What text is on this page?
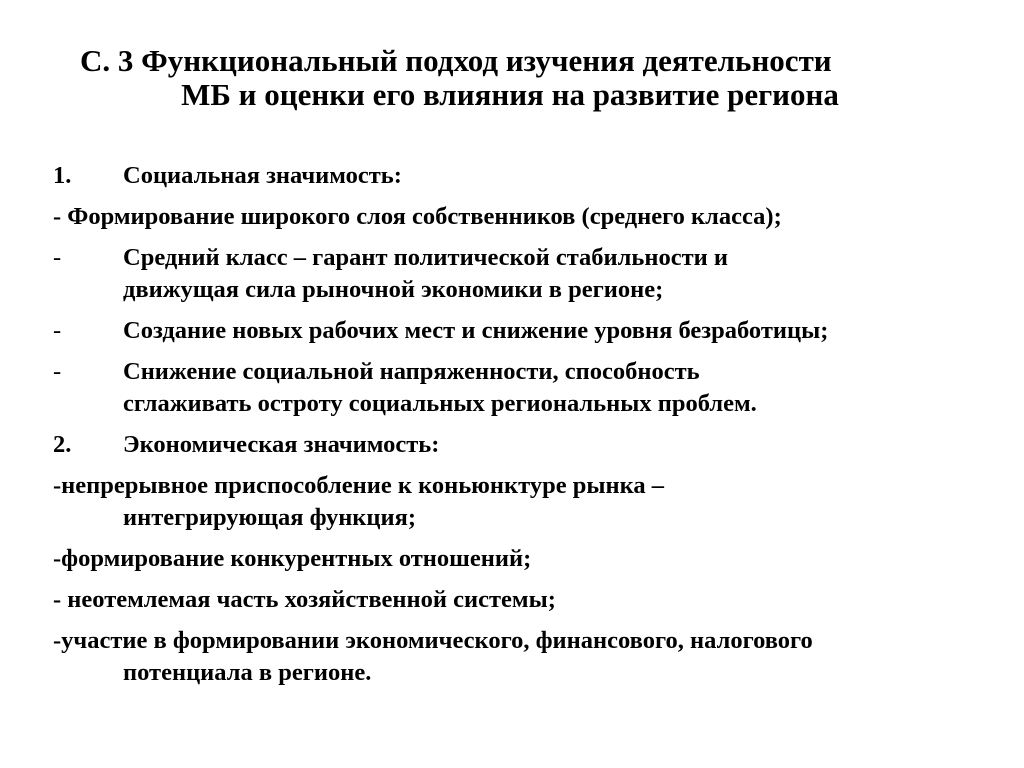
С. 3 Функциональный подход изучения деятельности
МБ и оценки его влияния на развитие региона
1.	Социальная значимость:
- Формирование широкого слоя собственников (среднего класса);
-	Средний класс – гарант политической стабильности и
движущая сила рыночной экономики в регионе;
-	Создание новых рабочих мест и снижение уровня безработицы;
-	Снижение социальной напряженности, способность
сглаживать остроту социальных региональных проблем.
2.	Экономическая значимость:
-непрерывное приспособление к коньюнктуре рынка –
интегрирующая функция;
-формирование конкурентных отношений;
- неотемлемая часть хозяйственной системы;
-участие в формировании экономического, финансового, налогового
потенциала в регионе.
